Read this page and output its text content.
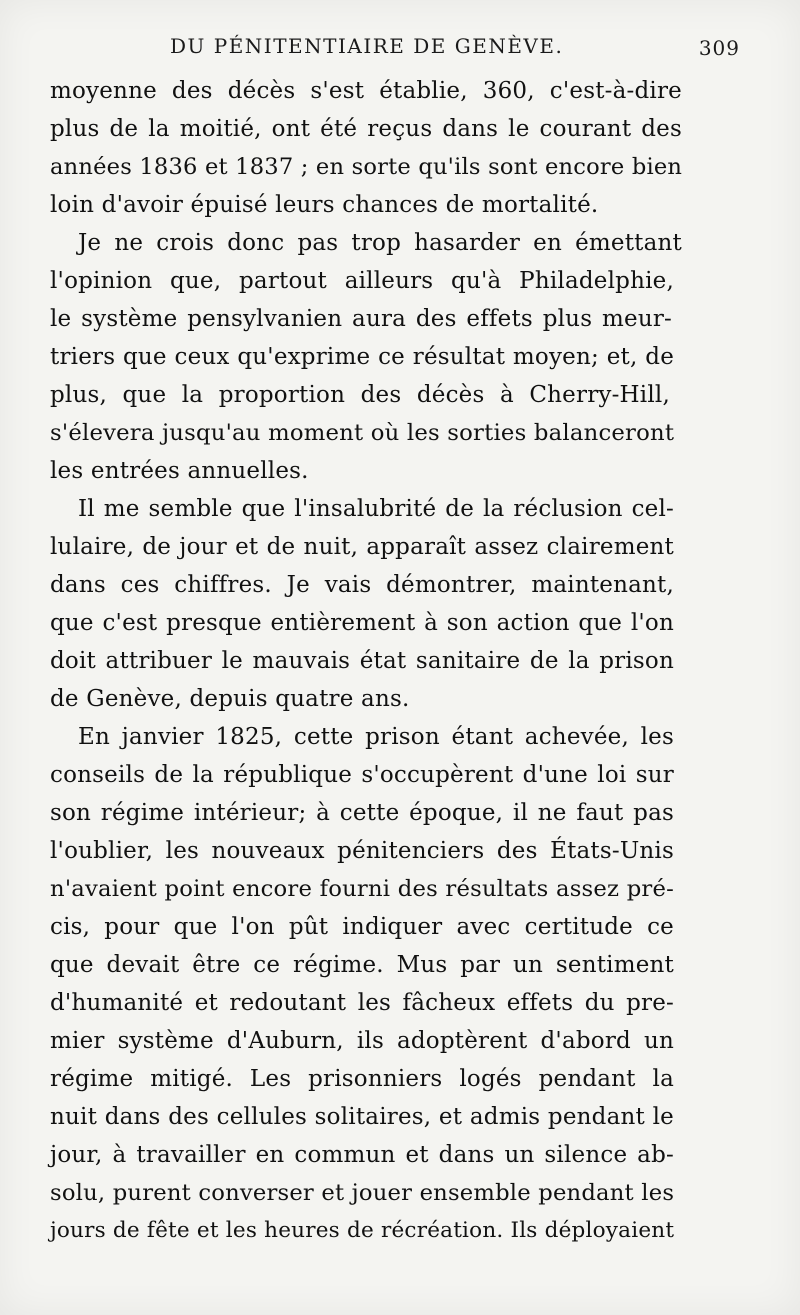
DU PÉNITENTIAIRE DE GENÈVE.	309
moyenne des décès s'est établie, 360, c'est-à-dire
plus de la moitié, ont été reçus dans le courant des
années 1836 et 1837 ; en sorte qu'ils sont encore bien
loin d'avoir épuisé leurs chances de mortalité.
Je ne crois donc pas trop hasarder en émettant
l'opinion que, partout ailleurs qu'à Philadelphie,
le système pensylvanien aura des effets plus meur-
triers que ceux qu'exprime ce résultat moyen; et, de
plus, que la proportion des décès à Cherry-Hill,
s'élevera jusqu'au moment où les sorties balanceront
les entrées annuelles.
Il me semble que l'insalubrité de la réclusion cel-
lulaire, de jour et de nuit, apparaît assez clairement
dans ces chiffres. Je vais démontrer, maintenant,
que c'est presque entièrement à son action que l'on
doit attribuer le mauvais état sanitaire de la prison
de Genève, depuis quatre ans.
En janvier 1825, cette prison étant achevée, les
conseils de la république s'occupèrent d'une loi sur
son régime intérieur; à cette époque, il ne faut pas
l'oublier, les nouveaux pénitenciers des États-Unis
n'avaient point encore fourni des résultats assez pré-
cis, pour que l'on pût indiquer avec certitude ce
que devait être ce régime. Mus par un sentiment
d'humanité et redoutant les fâcheux effets du pre-
mier système d'Auburn, ils adoptèrent d'abord un
régime mitigé. Les prisonniers logés pendant la
nuit dans des cellules solitaires, et admis pendant le
jour, à travailler en commun et dans un silence ab-
solu, purent converser et jouer ensemble pendant les
jours de fête et les heures de récréation. Ils déployaient
